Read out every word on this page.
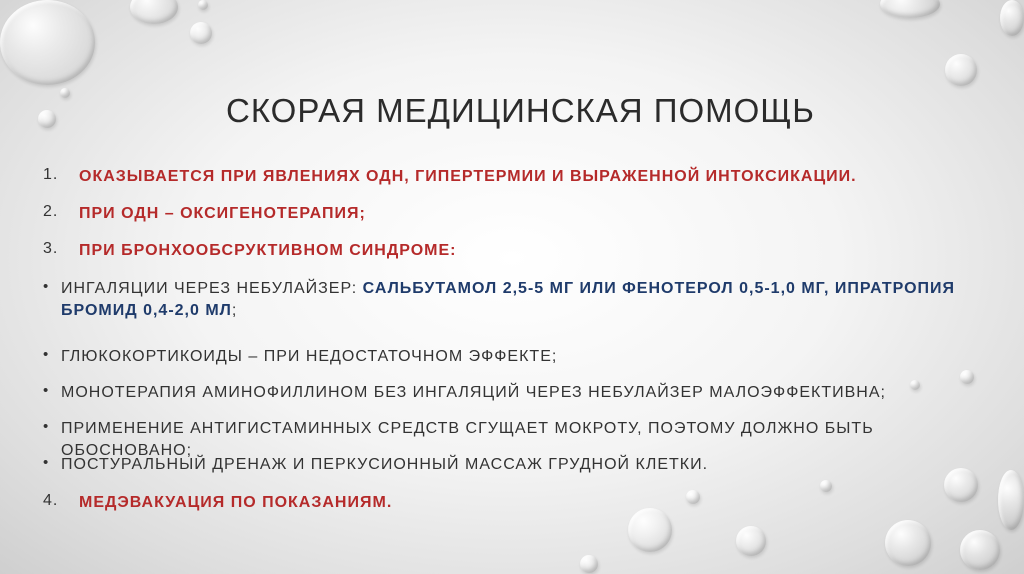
СКОРАЯ МЕДИЦИНСКАЯ ПОМОЩЬ
1.	ОКАЗЫВАЕТСЯ ПРИ ЯВЛЕНИЯХ ОДН, ГИПЕРТЕРМИИ И ВЫРАЖЕННОЙ ИНТОКСИКАЦИИ.
2.	ПРИ ОДН – ОКСИГЕНОТЕРАПИЯ;
3.	ПРИ БРОНХООБСРУКТИВНОМ СИНДРОМЕ:
• ИНГАЛЯЦИИ ЧЕРЕЗ НЕБУЛАЙЗЕР: САЛЬБУТАМОЛ 2,5-5 МГ ИЛИ ФЕНОТЕРОЛ 0,5-1,0 МГ, ИПРАТРОПИЯ БРОМИД 0,4-2,0 МЛ;
• ГЛЮКОКОРТИКОИДЫ – ПРИ НЕДОСТАТОЧНОМ ЭФФЕКТЕ;
• МОНОТЕРАПИЯ АМИНОФИЛЛИНОМ БЕЗ ИНГАЛЯЦИЙ ЧЕРЕЗ НЕБУЛАЙЗЕР МАЛОЭФФЕКТИВНА;
• ПРИМЕНЕНИЕ АНТИГИСТАМИННЫХ СРЕДСТВ СГУЩАЕТ МОКРОТУ, ПОЭТОМУ ДОЛЖНО БЫТЬ ОБОСНОВАНО;
• ПОСТУРАЛЬНЫЙ ДРЕНАЖ И ПЕРКУСИОННЫЙ МАССАЖ ГРУДНОЙ КЛЕТКИ.
4.	МЕДЭВАКУАЦИЯ ПО ПОКАЗАНИЯМ.
